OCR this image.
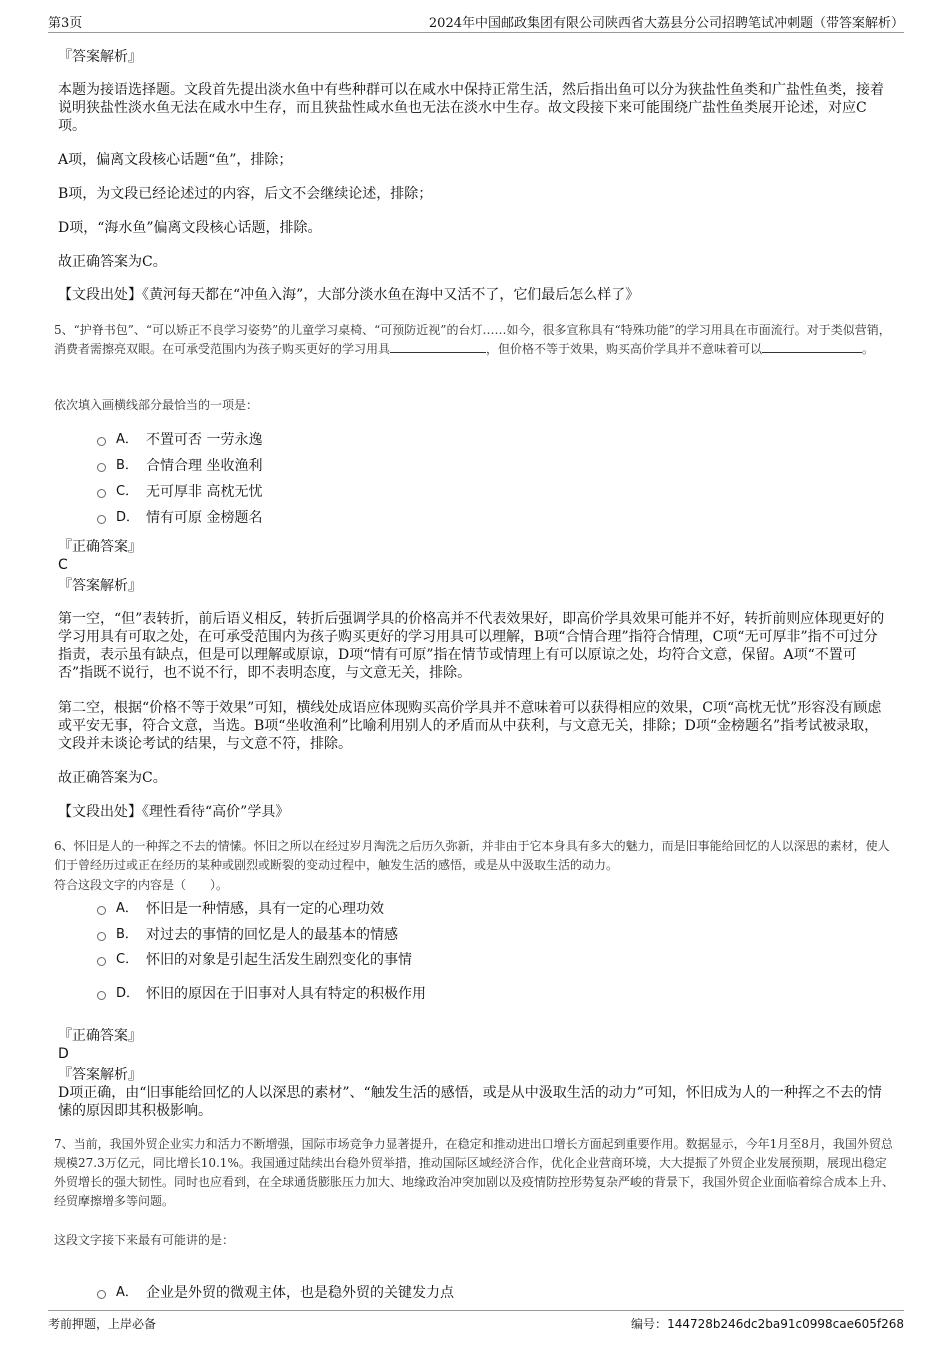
第3页	2024年中国邮政集团有限公司陕西省大荔县分公司招聘笔试冲刺题（带答案解析）

『答案解析』

本题为接语选择题。文段首先提出淡水鱼中有些种群可以在咸水中保持正常生活，然后指出鱼可以分为狭盐性鱼类和广盐性鱼类，接着说明狭盐性淡水鱼无法在咸水中生存，而且狭盐性咸水鱼也无法在淡水中生存。故文段接下来可能围绕广盐性鱼类展开论述，对应C项。

A项，偏离文段核心话题“鱼”，排除；

B项，为文段已经论述过的内容，后文不会继续论述，排除；

D项，“海水鱼”偏离文段核心话题，排除。

故正确答案为C。

【文段出处】《黄河每天都在“冲鱼入海”，大部分淡水鱼在海中又活不了，它们最后怎么样了》

5、“护脊书包”、“可以矫正不良学习姿势”的儿童学习桌椅、“可预防近视”的台灯……如今，很多宣称具有“特殊功能”的学习用具在市面流行。对于类似营销，消费者需擦亮双眼。在可承受范围内为孩子购买更好的学习用具	，但价格不等于效果，购买高价学具并不意味着可以	。

依次填入画横线部分最恰当的一项是：

A． 不置可否 一劳永逸
B． 合情合理 坐收渔利
C． 无可厚非 高枕无忧
D． 情有可原 金榜题名

『正确答案』

C

『答案解析』

第一空，“但”表转折，前后语义相反，转折后强调学具的价格高并不代表效果好，即高价学具效果可能并不好，转折前则应体现更好的学习用具有可取之处，在可承受范围内为孩子购买更好的学习用具可以理解，B项“合情合理”指符合情理，C项“无可厚非”指不可过分指责，表示虽有缺点，但是可以理解或原谅，D项“情有可原”指在情节或情理上有可以原谅之处，均符合文意，保留。A项“不置可否”指既不说行，也不说不行，即不表明态度，与文意无关，排除。

第二空，根据“价格不等于效果”可知，横线处成语应体现购买高价学具并不意味着可以获得相应的效果，C项“高枕无忧”形容没有顾虑或平安无事，符合文意，当选。B项“坐收渔利”比喻利用别人的矛盾而从中获利，与文意无关，排除；D项“金榜题名”指考试被录取，文段并未谈论考试的结果，与文意不符，排除。

故正确答案为C。

【文段出处】《理性看待“高价”学具》

6、怀旧是人的一种挥之不去的情愫。怀旧之所以在经过岁月淘洗之后历久弥新，并非由于它本身具有多大的魅力，而是旧事能给回忆的人以深思的素材，使人们于曾经历过或正在经历的某种或剧烈或断裂的变动过程中，触发生活的感悟，或是从中汲取生活的动力。

符合这段文字的内容是（　　）。

A． 怀旧是一种情感，具有一定的心理功效
B． 对过去的事情的回忆是人的最基本的情感
C． 怀旧的对象是引起生活发生剧烈变化的事情
D． 怀旧的原因在于旧事对人具有特定的积极作用

『正确答案』

D

『答案解析』

D项正确，由“旧事能给回忆的人以深思的素材”、“触发生活的感悟，或是从中汲取生活的动力”可知，怀旧成为人的一种挥之不去的情愫的原因即其积极影响。

7、当前，我国外贸企业实力和活力不断增强，国际市场竞争力显著提升，在稳定和推动进出口增长方面起到重要作用。数据显示，今年1月至8月，我国外贸总规模27.3万亿元，同比增长10.1%。我国通过陆续出台稳外贸举措，推动国际区域经济合作，优化企业营商环境，大大提振了外贸企业发展预期，展现出稳定外贸增长的强大韧性。同时也应看到，在全球通货膨胀压力加大、地缘政治冲突加剧以及疫情防控形势复杂严峻的背景下，我国外贸企业面临着综合成本上升、经贸摩擦增多等问题。

这段文字接下来最有可能讲的是：

A． 企业是外贸的微观主体，也是稳外贸的关键发力点
考前押题，上岸必备	编号：144728b246dc2ba91c0998cae605f268
